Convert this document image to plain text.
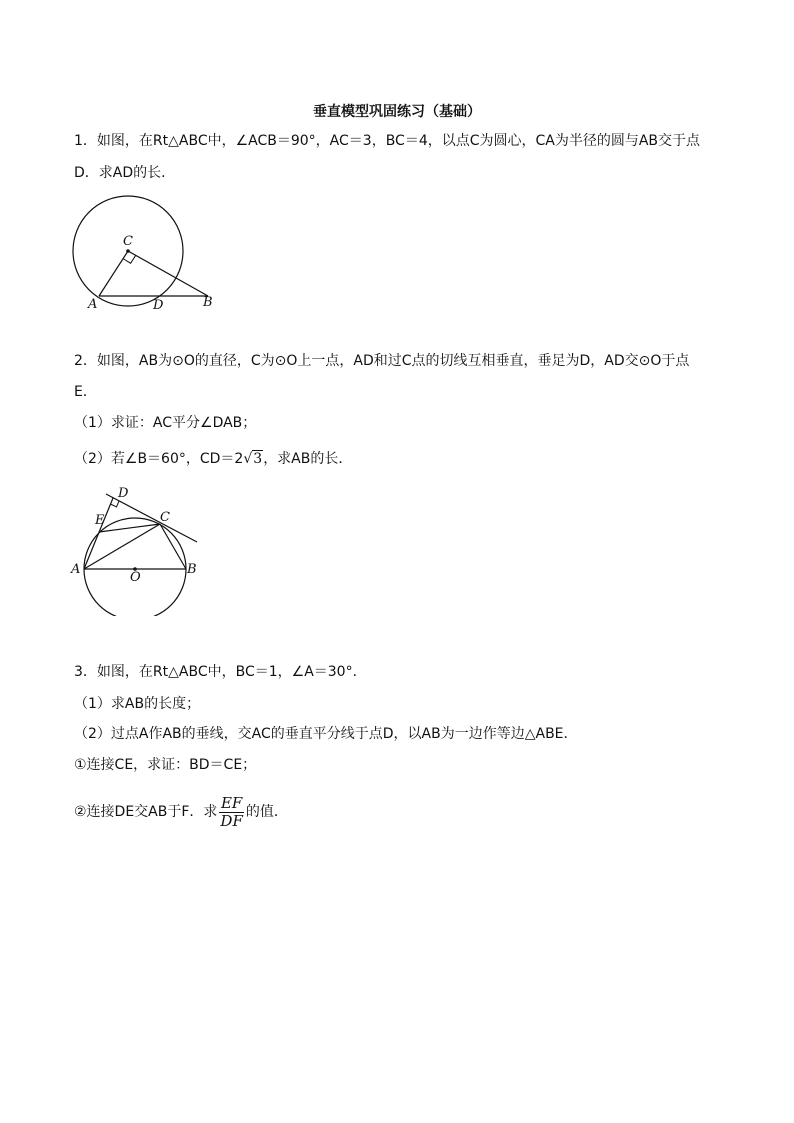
垂直模型巩固练习（基础）
1．如图，在Rt△ABC中，∠ACB＝90°，AC＝3，BC＝4，以点C为圆心，CA为半径的圆与AB交于点
D．求AD的长．
C
A	D	B
2．如图，AB为⊙O的直径，C为⊙O上一点，AD和过C点的切线互相垂直，垂足为D，AD交⊙O于点
E．
（1）求证：AC平分∠DAB；
（2）若∠B＝60°，CD＝2√3，求AB的长．
D
E	C
A
O
B
3．如图，在Rt△ABC中，BC＝1，∠A＝30°．
（1）求AB的长度；
（2）过点A作AB的垂线，交AC的垂直平分线于点D，以AB为一边作等边△ABE．
①连接CE，求证：BD＝CE；
②连接DE交AB于F．求 $\frac{EF}{DF}$ 的值．
